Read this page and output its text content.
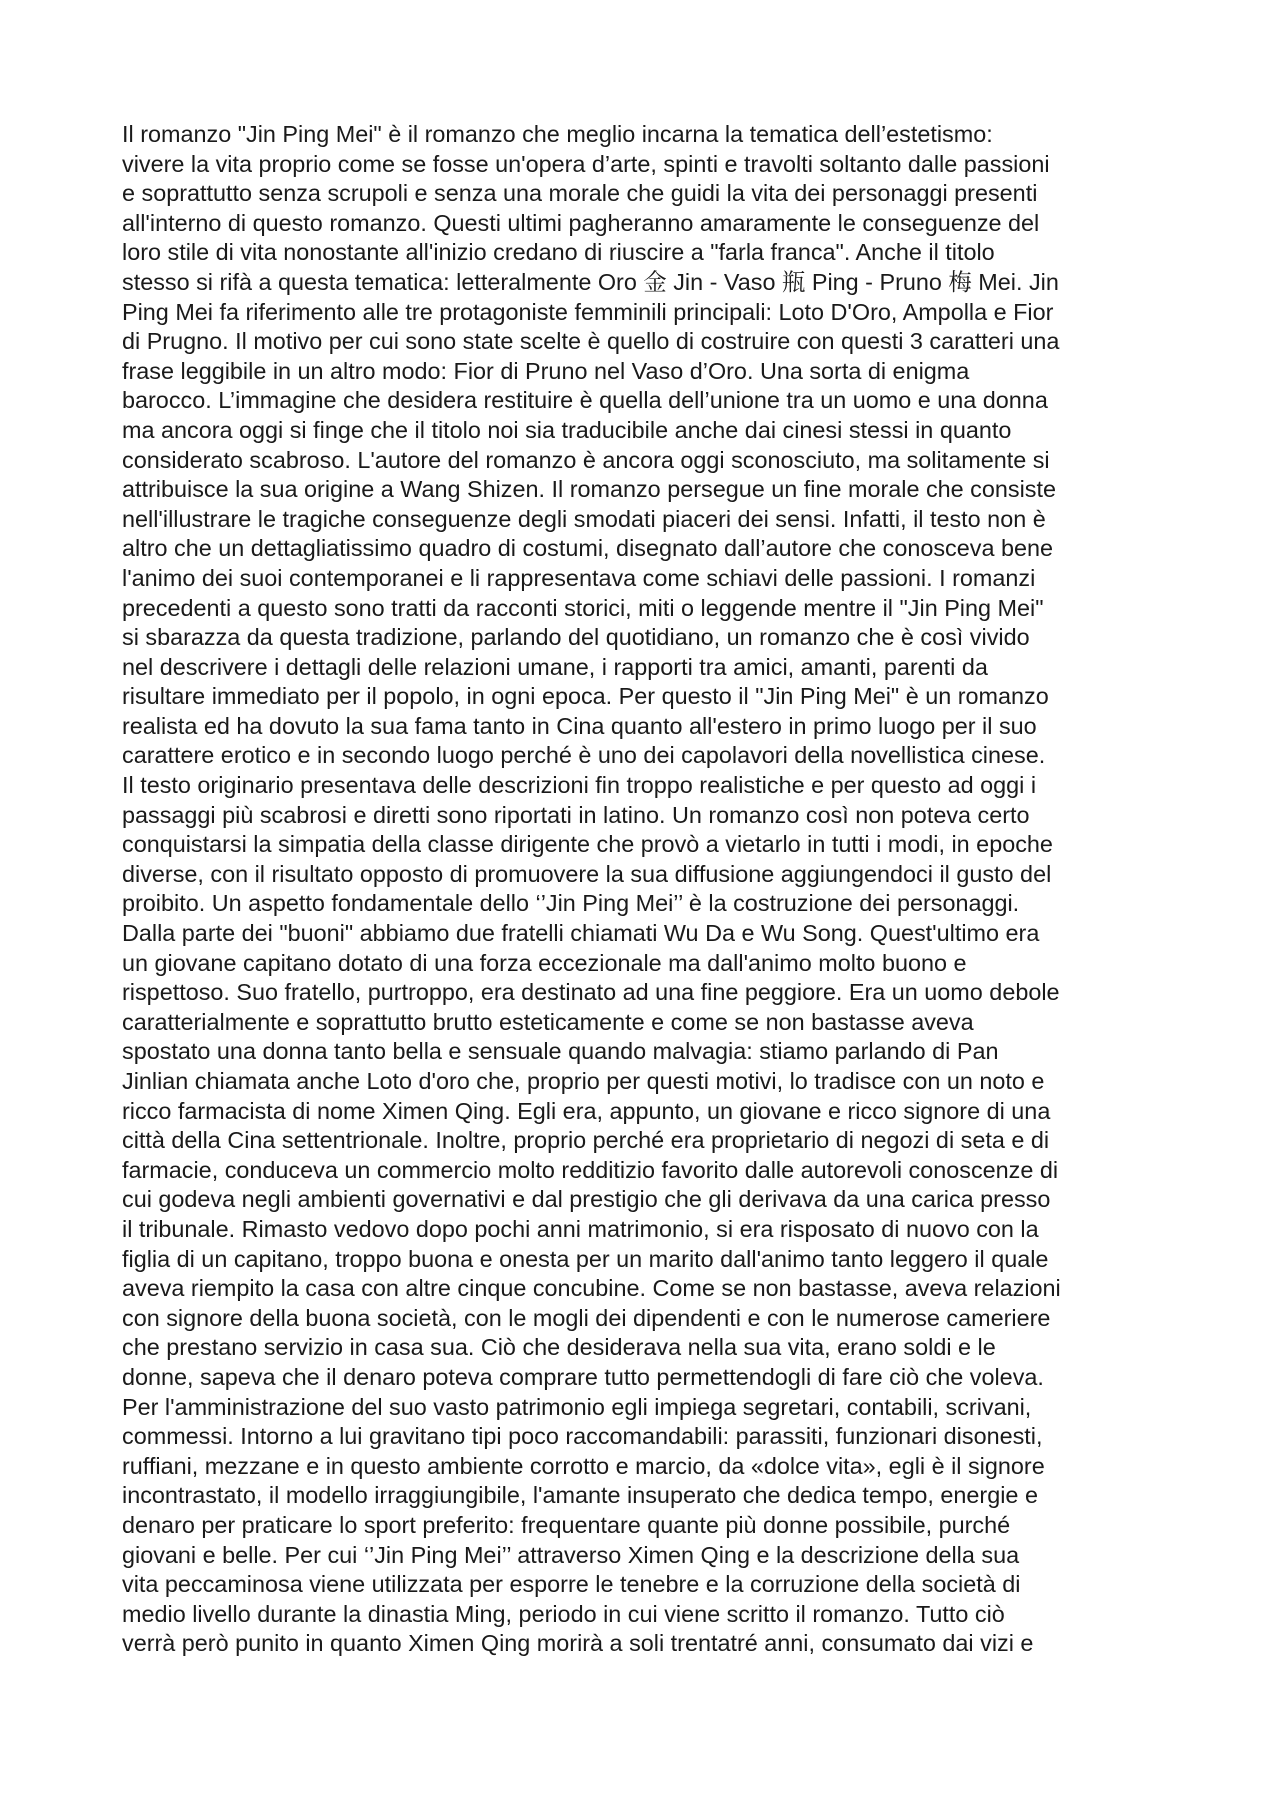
Il romanzo "Jin Ping Mei" è il romanzo che meglio incarna la tematica dell’estetismo:
vivere la vita proprio come se fosse un'opera d’arte, spinti e travolti soltanto dalle passioni
e soprattutto senza scrupoli e senza una morale che guidi la vita dei personaggi presenti
all'interno di questo romanzo. Questi ultimi pagheranno amaramente le conseguenze del
loro stile di vita nonostante all'inizio credano di riuscire a "farla franca". Anche il titolo
stesso si rifà a questa tematica: letteralmente Oro 金 Jin - Vaso 瓶 Ping - Pruno 梅 Mei. Jin
Ping Mei fa riferimento alle tre protagoniste femminili principali: Loto D'Oro, Ampolla e Fior
di Prugno. Il motivo per cui sono state scelte è quello di costruire con questi 3 caratteri una
frase leggibile in un altro modo: Fior di Pruno nel Vaso d’Oro. Una sorta di enigma
barocco. L’immagine che desidera restituire è quella dell’unione tra un uomo e una donna
ma ancora oggi si finge che il titolo noi sia traducibile anche dai cinesi stessi in quanto
considerato scabroso. L'autore del romanzo è ancora oggi sconosciuto, ma solitamente si
attribuisce la sua origine a Wang Shizen. Il romanzo persegue un fine morale che consiste
nell'illustrare le tragiche conseguenze degli smodati piaceri dei sensi. Infatti, il testo non è
altro che un dettagliatissimo quadro di costumi, disegnato dall’autore che conosceva bene
l'animo dei suoi contemporanei e li rappresentava come schiavi delle passioni. I romanzi
precedenti a questo sono tratti da racconti storici, miti o leggende mentre il "Jin Ping Mei"
si sbarazza da questa tradizione, parlando del quotidiano, un romanzo che è così vivido
nel descrivere i dettagli delle relazioni umane, i rapporti tra amici, amanti, parenti da
risultare immediato per il popolo, in ogni epoca. Per questo il "Jin Ping Mei" è un romanzo
realista ed ha dovuto la sua fama tanto in Cina quanto all'estero in primo luogo per il suo
carattere erotico e in secondo luogo perché è uno dei capolavori della novellistica cinese.
Il testo originario presentava delle descrizioni fin troppo realistiche e per questo ad oggi i
passaggi più scabrosi e diretti sono riportati in latino. Un romanzo così non poteva certo
conquistarsi la simpatia della classe dirigente che provò a vietarlo in tutti i modi, in epoche
diverse, con il risultato opposto di promuovere la sua diffusione aggiungendoci il gusto del
proibito. Un aspetto fondamentale dello ‘’Jin Ping Mei’’ è la costruzione dei personaggi.
Dalla parte dei "buoni" abbiamo due fratelli chiamati Wu Da e Wu Song. Quest'ultimo era
un giovane capitano dotato di una forza eccezionale ma dall'animo molto buono e
rispettoso. Suo fratello, purtroppo, era destinato ad una fine peggiore. Era un uomo debole
caratterialmente e soprattutto brutto esteticamente e come se non bastasse aveva
spostato una donna tanto bella e sensuale quando malvagia: stiamo parlando di Pan
Jinlian chiamata anche Loto d'oro che, proprio per questi motivi, lo tradisce con un noto e
ricco farmacista di nome Ximen Qing. Egli era, appunto, un giovane e ricco signore di una
città della Cina settentrionale. Inoltre, proprio perché era proprietario di negozi di seta e di
farmacie, conduceva un commercio molto redditizio favorito dalle autorevoli conoscenze di
cui godeva negli ambienti governativi e dal prestigio che gli derivava da una carica presso
il tribunale. Rimasto vedovo dopo pochi anni matrimonio, si era risposato di nuovo con la
figlia di un capitano, troppo buona e onesta per un marito dall'animo tanto leggero il quale
aveva riempito la casa con altre cinque concubine. Come se non bastasse, aveva relazioni
con signore della buona società, con le mogli dei dipendenti e con le numerose cameriere
che prestano servizio in casa sua. Ciò che desiderava nella sua vita, erano soldi e le
donne, sapeva che il denaro poteva comprare tutto permettendogli di fare ciò che voleva.
Per l'amministrazione del suo vasto patrimonio egli impiega segretari, contabili, scrivani,
commessi. Intorno a lui gravitano tipi poco raccomandabili: parassiti, funzionari disonesti,
ruffiani, mezzane e in questo ambiente corrotto e marcio, da «dolce vita», egli è il signore
incontrastato, il modello irraggiungibile, l'amante insuperato che dedica tempo, energie e
denaro per praticare lo sport preferito: frequentare quante più donne possibile, purché
giovani e belle. Per cui ‘’Jin Ping Mei’’ attraverso Ximen Qing e la descrizione della sua
vita peccaminosa viene utilizzata per esporre le tenebre e la corruzione della società di
medio livello durante la dinastia Ming, periodo in cui viene scritto il romanzo. Tutto ciò
verrà però punito in quanto Ximen Qing morirà a soli trentatré anni, consumato dai vizi e
